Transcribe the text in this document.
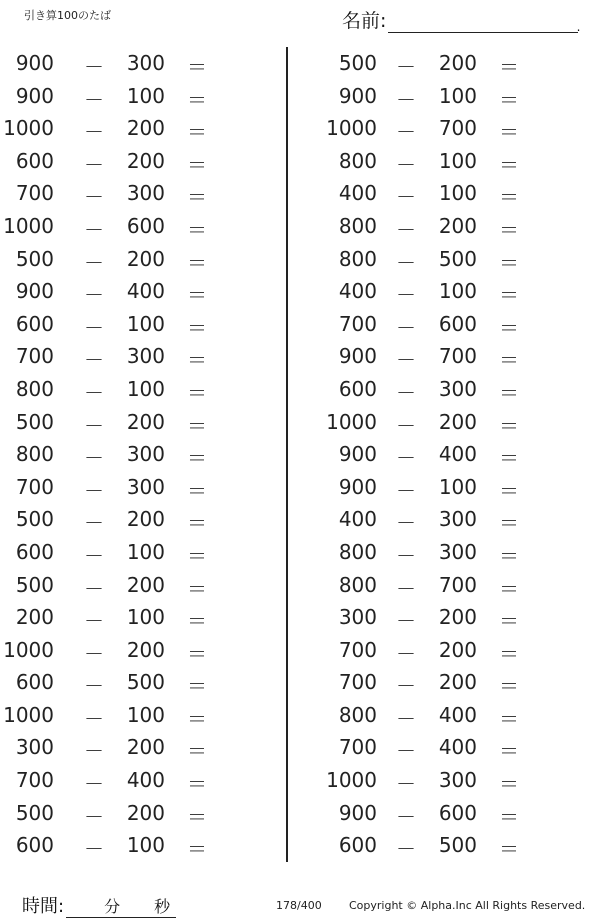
引き算100のたば	名前:	.
900 － 300 ＝
900 － 100 ＝
1000 － 200 ＝
600 － 200 ＝
700 － 300 ＝
1000 － 600 ＝
500 － 200 ＝
900 － 400 ＝
600 － 100 ＝
700 － 300 ＝
800 － 100 ＝
500 － 200 ＝
800 － 300 ＝
700 － 300 ＝
500 － 200 ＝
600 － 100 ＝
500 － 200 ＝
200 － 100 ＝
1000 － 200 ＝
600 － 500 ＝
1000 － 100 ＝
300 － 200 ＝
700 － 400 ＝
500 － 200 ＝
600 － 100 ＝
500 － 200 ＝
900 － 100 ＝
1000 － 700 ＝
800 － 100 ＝
400 － 100 ＝
800 － 200 ＝
800 － 500 ＝
400 － 100 ＝
700 － 600 ＝
900 － 700 ＝
600 － 300 ＝
1000 － 200 ＝
900 － 400 ＝
900 － 100 ＝
400 － 300 ＝
800 － 300 ＝
800 － 700 ＝
300 － 200 ＝
700 － 200 ＝
700 － 200 ＝
800 － 400 ＝
700 － 400 ＝
1000 － 300 ＝
900 － 600 ＝
600 － 500 ＝
時間:	分 秒	178/400 Copyright © Alpha.Inc All Rights Reserved.
